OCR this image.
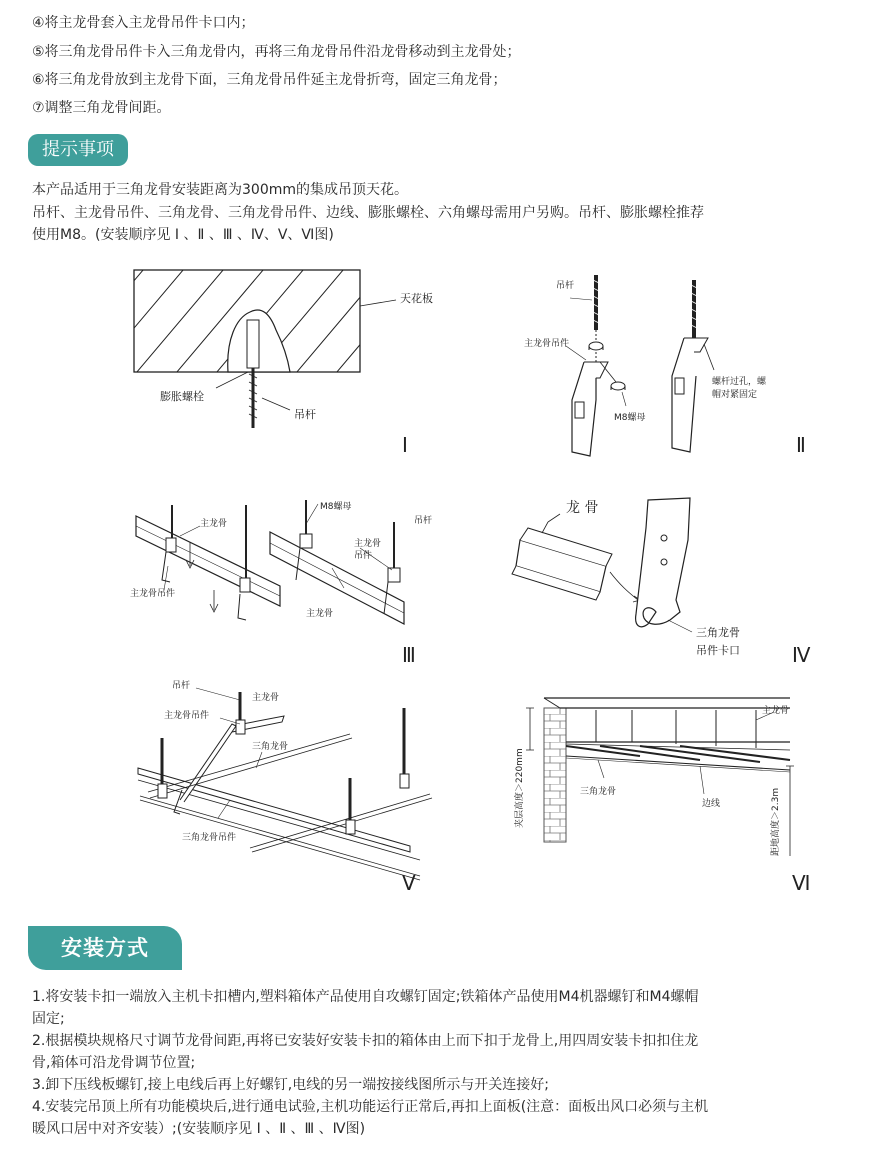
④将主龙骨套入主龙骨吊件卡口内；
⑤将三角龙骨吊件卡入三角龙骨内，再将三角龙骨吊件沿龙骨移动到主龙骨处；
⑥将三角龙骨放到主龙骨下面，三角龙骨吊件延主龙骨折弯，固定三角龙骨；
⑦调整三角龙骨间距。
提示事项
本产品适用于三角龙骨安装距离为300mm的集成吊顶天花。
吊杆、主龙骨吊件、三角龙骨、三角龙骨吊件、边线、膨胀螺栓、六角螺母需用户另购。吊杆、膨胀螺栓推荐
使用M8。(安装顺序见 Ⅰ 、Ⅱ 、Ⅲ 、Ⅳ、Ⅴ、Ⅵ图)
天花板
膨胀螺栓
吊杆
Ⅰ
吊杆
主龙骨吊件
M8螺母
螺杆过孔，螺
帽对紧固定
Ⅱ
主龙骨
主龙骨吊件
M8螺母
吊杆
主龙骨
吊件
主龙骨
Ⅲ
龙 骨
三角龙骨
吊件卡口	Ⅳ
吊杆
主龙骨
主龙骨吊件
三角龙骨
三角龙骨吊件
Ⅴ
主龙骨
三角龙骨
边线
夹层高度＞220mm	距地高度＞2.3m
Ⅵ
安装方式
1.将安装卡扣一端放入主机卡扣槽内,塑料箱体产品使用自攻螺钉固定;铁箱体产品使用M4机器螺钉和M4螺帽
固定;
2.根据模块规格尺寸调节龙骨间距,再将已安装好安装卡扣的箱体由上而下扣于龙骨上,用四周安装卡扣扣住龙
骨,箱体可沿龙骨调节位置;
3.卸下压线板螺钉,接上电线后再上好螺钉,电线的另一端按接线图所示与开关连接好;
4.安装完吊顶上所有功能模块后,进行通电试验,主机功能运行正常后,再扣上面板(注意：面板出风口必须与主机
暖风口居中对齐安装）;(安装顺序见 Ⅰ 、Ⅱ 、Ⅲ 、Ⅳ图)
